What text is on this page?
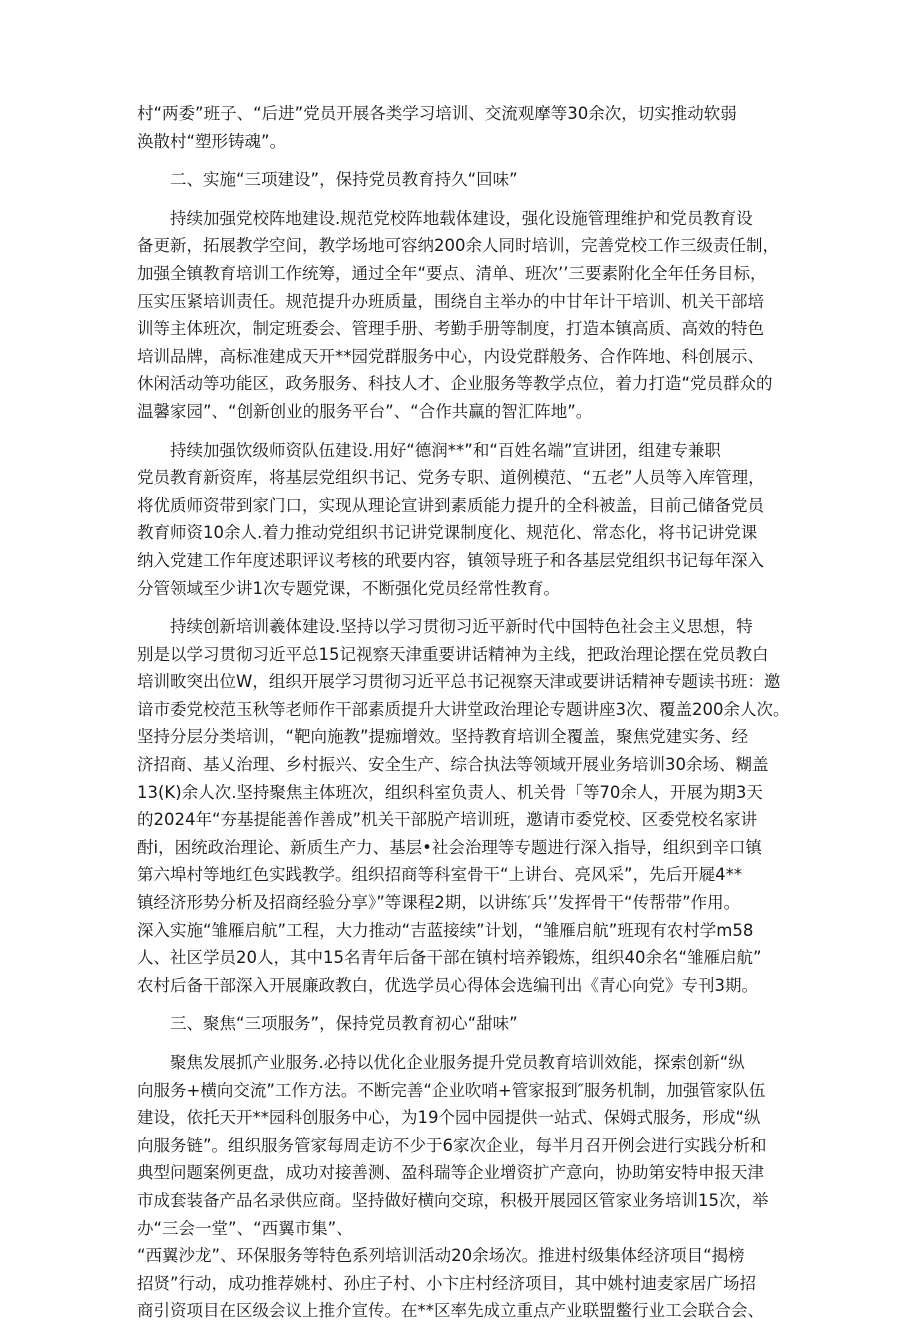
村“两委”班子、“后进”党员开展各类学习培训、交流观摩等30余次，切实推动软弱
涣散村“塑形铸魂”。
二、实施“三项建设”，保持党员教育持久“回味”
持续加强党校阵地建设.规范党校阵地载体建设，强化设施管理维护和党员教育设
备更新，拓展教学空间，教学场地可容纳200余人同时培训，完善党校工作三级责任制，
加强全镇教育培训工作统筹，通过全年“要点、清单、班次’’三要素附化全年任务目标，
压实压紧培训责任。规范提升办班质量，围绕自主举办的中甘年计干培训、机关干部培
训等主体班次，制定班委会、管理手册、考勤手册等制度，打造本镇高质、高效的特色
培训品牌，高标准建成天开**园党群服务中心，内设党群般务、合作阵地、科创展示、
休闲活动等功能区，政务服务、科技人才、企业服务等教学点位，着力打造“党员群众的
温馨家园”、“创新创业的服务平台”、“合作共赢的智汇阵地”。
持续加强饮级师资队伍建设.用好“德润**”和“百姓名端”宣讲团，组建专兼职
党员教育新资库，将基层党组织书记、党务专职、道例模范、“五老”人员等入库管理，
将优质师资带到家门口，实现从理论宣讲到素质能力提升的全科被盖，目前己储备党员
教育师资10余人.着力推动党组织书记讲党课制度化、规范化、常态化，将书记讲党课
纳入党建工作年度述职评议考核的玳要内容，镇领导班子和各基层党组织书记每年深入
分管领域至少讲1次专题党课，不断强化党员经常性教育。
持续创新培训羲体建设.坚持以学习贯彻习近平新时代中国特色社会主义思想，特
别是以学习贯彻习近平总15记视察天津重要讲话精神为主线，把政治理论摆在党员教白
培训畋突出位W，组织开展学习贯彻习近平总书记视察天津或要讲话精神专题读书班：邀
谙市委党校范玉秋等老师作干部素质提升大讲堂政治理论专题讲座3次、覆盖200余人次。
坚持分层分类培训，“靶向施教”提痂增效。坚持教育培训全覆盖，聚焦党建实务、经
济招商、基乂治理、乡村振兴、安全生产、综合执法等领域开展业务培训30余场、糊盖
13(K)余人次.坚持聚焦主体班次，组织科室负责人、机关骨「等70余人，开展为期3天
的2024年“夯基提能善作善成”机关干部脱产培训班，邀请市委党校、区委党校名家讲
酎i，困统政治理论、新质生产力、基层•社会治理等专题进行深入指导，组织到辛口镇
第六埠村等地红色实践教学。组织招商等科室骨干“上讲台、亮风采”，先后开屣4**
镇经济形势分析及招商经验分享》”等课程2期，以讲练′兵’’发挥骨干“传帮带”作用。
深入实施“雏雁启航”工程，大力推动“吉蓝接续”计划，“雏雁启航”班现有农村学m58
人、社区学员20人，其中15名青年后备干部在镇村培养锻炼，组织40余名“雏雁启航”
农村后备干部深入开展廉政教白，优选学员心得体会选编刊出《青心向党》专刊3期。
三、聚焦“三项服务”，保持党员教育初心“甜味”
聚焦发展抓产业服务.必持以优化企业服务提升党员教育培训效能，探索创新“纵
向服务+横向交流”工作方法。不断完善“企业吹哨+管家报到″服务机制，加强管家队伍
建设，依托天开**园科创服务中心，为19个园中园提供一站式、保姆式服务，形成“纵
向服务链”。组织服务管家每周走访不少于6家次企业，每半月召开例会进行实践分析和
典型问题案例更盘，成功对接善测、盈科瑞等企业增资扩产意向，协助第安特申报天津
市成套装备产品名录供应商。坚持做好横向交琼，积极开展园区管家业务培训15次，举
办“三会一堂”、“西翼市集”、
“西翼沙龙”、环保服务等特色系列培训活动20余场次。推进村级集体经济项目“揭榜
招贤”行动，成功推荐姚村、孙庄子村、小卞庄村经济项目，其中姚村迪麦家居广场招
商引资项目在区级会议上推介宣传。在**区率先成立重点产业联盟鳖行业工会联合会、
